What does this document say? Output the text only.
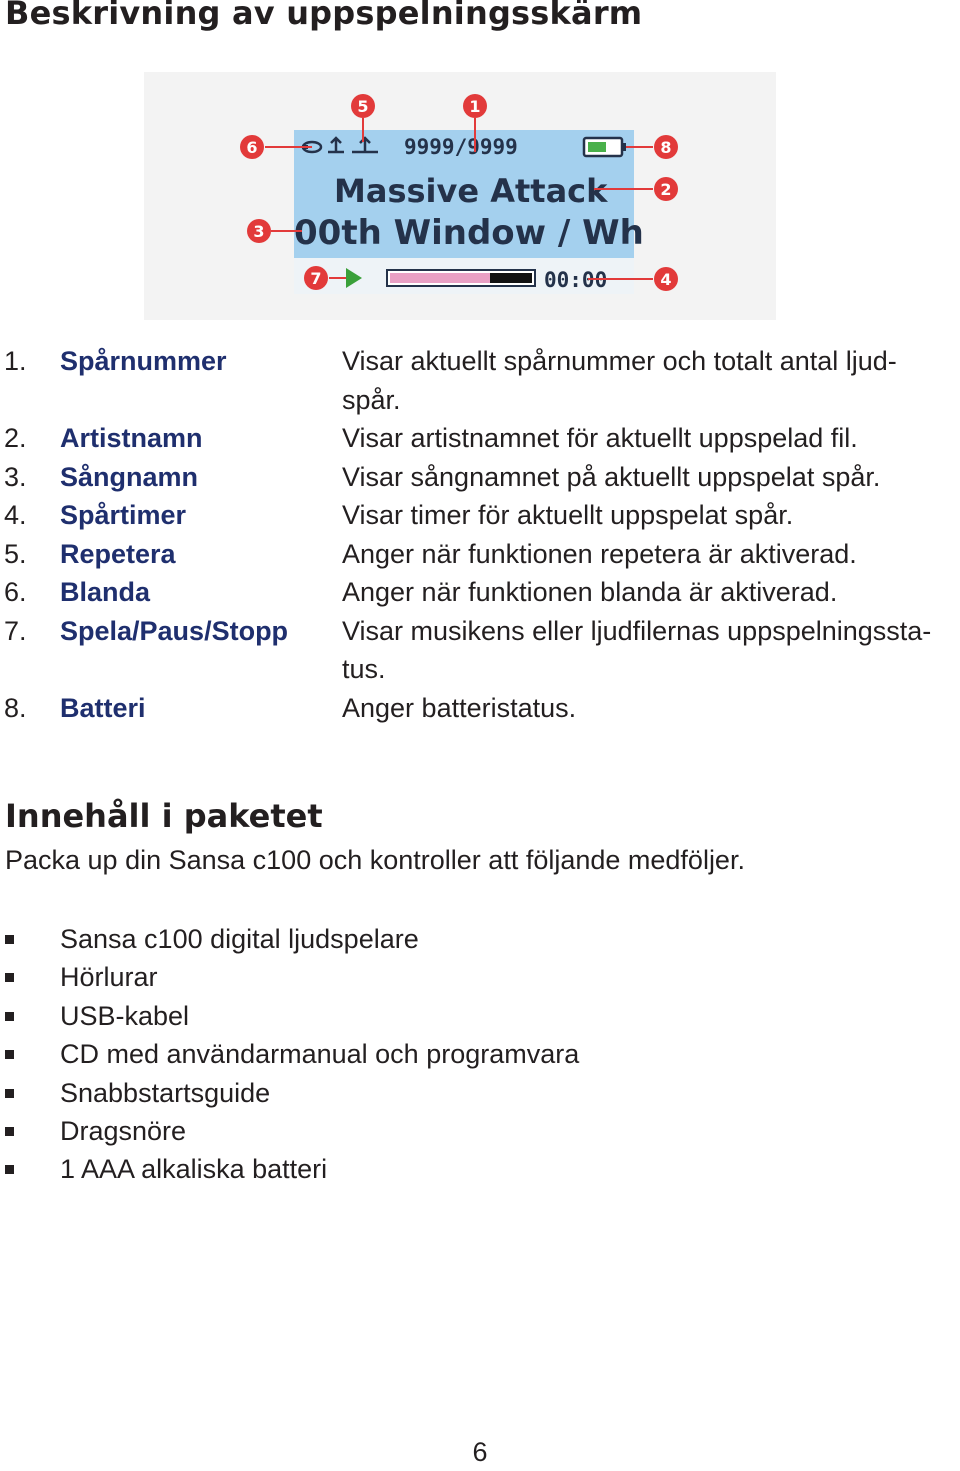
Beskrivning av uppspelningsskärm
9999/9999
Massive Attack
00th Window / Wh
00:00
1
2
3
4
5
6
7
8
1. Spårnummer	Visar aktuellt spårnummer och totalt antal ljud-spår.
2. Artistnamn	Visar artistnamnet för aktuellt uppspelad fil.
3. Sångnamn	Visar sångnamnet på aktuellt uppspelat spår.
4. Spårtimer	Visar timer för aktuellt uppspelat spår.
5. Repetera	Anger när funktionen repetera är aktiverad.
6. Blanda	Anger när funktionen blanda är aktiverad.
7. Spela/Paus/Stopp Visar musikens eller ljudfilernas uppspelningssta-tus.
8. Batteri	Anger batteristatus.
Innehåll i paketet

Packa up din Sansa c100 och kontroller att följande medföljer.

Sansa c100 digital ljudspelare
Hörlurar
USB-kabel
CD med användarmanual och programvara
Snabbstartsguide
Dragsnöre
1 AAA alkaliska batteri
6
